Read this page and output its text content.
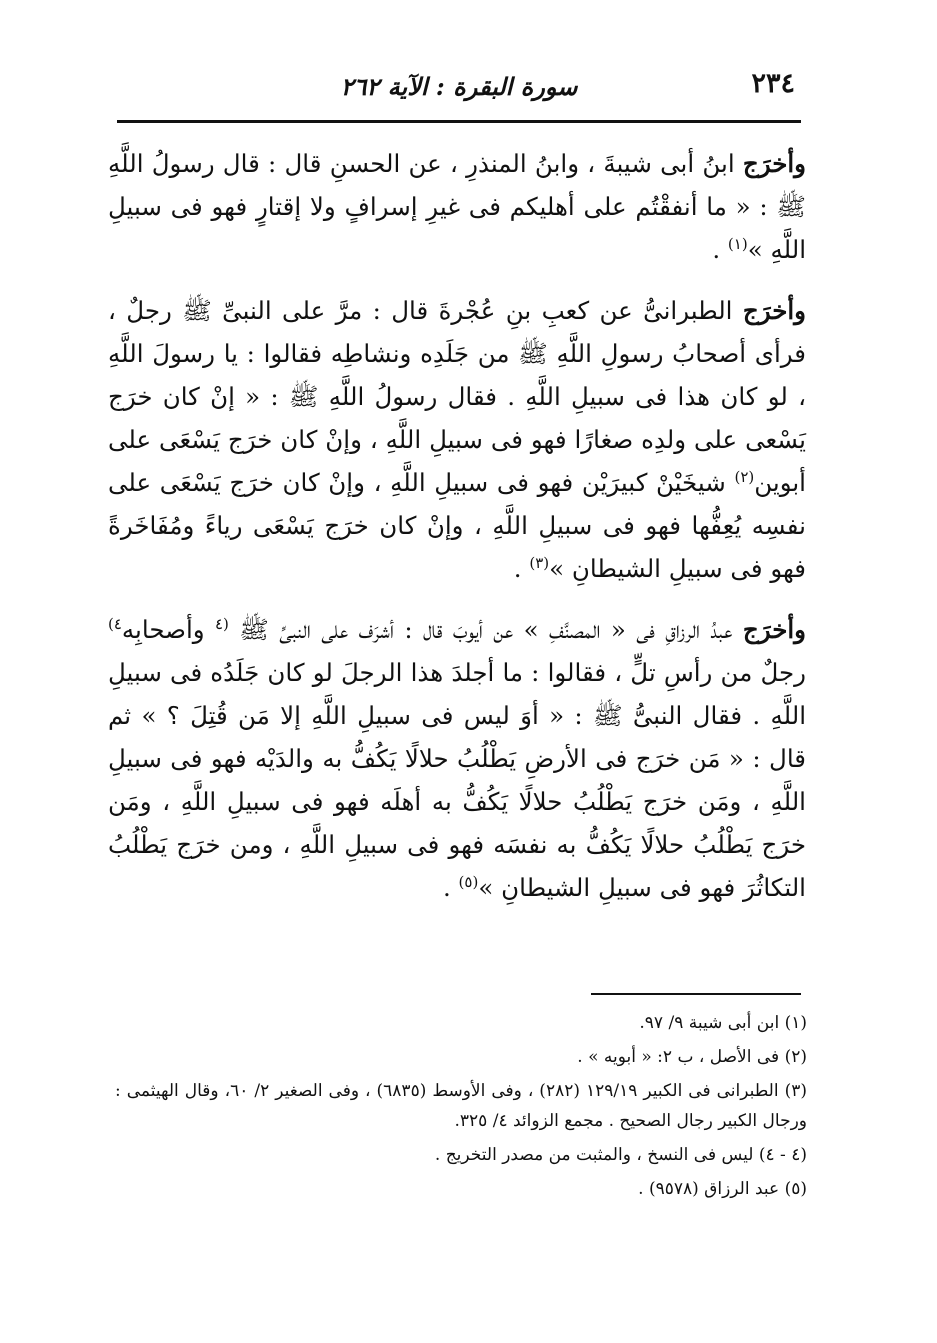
٢٣٤
سورة البقرة : الآية ٢٦٢

وأخرَج ابنُ أبى شيبةَ ، وابنُ المنذرِ ، عن الحسنِ قال : قال رسولُ اللَّهِ ﷺ : « ما أنفقْتُم على أهليكم فى غيرِ إسرافٍ ولا إقتارٍ فهو فى سبيلِ اللَّهِ »$^{(١)}$ .

وأخرَج الطبرانىُّ عن كعبِ بنِ عُجْرةَ قال : مرَّ على النبىِّ ﷺ رجلٌ ، فرأى أصحابُ رسولِ اللَّهِ ﷺ من جَلَدِه ونشاطِه فقالوا : يا رسولَ اللَّهِ ، لو كان هذا فى سبيلِ اللَّهِ . فقال رسولُ اللَّهِ ﷺ : « إنْ كان خرَج يَسْعى على ولدِه صغارًا فهو فى سبيلِ اللَّهِ ، وإنْ كان خرَج يَسْعَى على أبوين$^{(٢)}$ شيخَيْنْ كبيرَيْن فهو فى سبيلِ اللَّهِ ، وإنْ كان خرَج يَسْعَى على نفسِه يُعِفُّها فهو فى سبيلِ اللَّهِ ، وإنْ كان خرَج يَسْعَى رياءً ومُفَاخَرةً فهو فى سبيلِ الشيطانِ »$^{(٣)}$ .

وأخرَج عبدُ الرزاقِ فى « المصنَّفِ » عن أيوبَ قال : أشرَف على النبىِّ ﷺ $^{(٤}$ وأصحابِه$^{٤)}$ رجلٌ من رأسِ تلٍّ ، فقالوا : ما أجلدَ هذا الرجلَ لو كان جَلَدُه فى سبيلِ اللَّهِ . فقال النبىُّ ﷺ : « أوَ ليس فى سبيلِ اللَّهِ إلا مَن قُتِلَ ؟ » ثم قال : « مَن خرَج فى الأرضِ يَطْلُبُ حلالًا يَكُفُّ به والدَيْه فهو فى سبيلِ اللَّهِ ، ومَن خرَج يَطْلُبُ حلالًا يَكُفُّ به أهلَه فهو فى سبيلِ اللَّهِ ، ومَن خرَج يَطْلُبُ حلالًا يَكُفُّ به نفسَه فهو فى سبيلِ اللَّهِ ، ومن خرَج يَطْلُبُ التكاثُرَ فهو فى سبيلِ الشيطانِ »$^{(٥)}$ .

(١) ابن أبى شيبة ٩/ ٩٧.

(٢) فى الأصل ، ب ٢: « أبويه » .

(٣) الطبرانى فى الكبير ١٢٩/١٩ (٢٨٢) ، وفى الأوسط (٦٨٣٥) ، وفى الصغير ٢/ ٦٠، وقال الهيثمى : ورجال الكبير رجال الصحيح . مجمع الزوائد ٤/ ٣٢٥.

(٤ - ٤) ليس فى النسخ ، والمثبت من مصدر التخريج .

(٥) عبد الرزاق (٩٥٧٨) .
